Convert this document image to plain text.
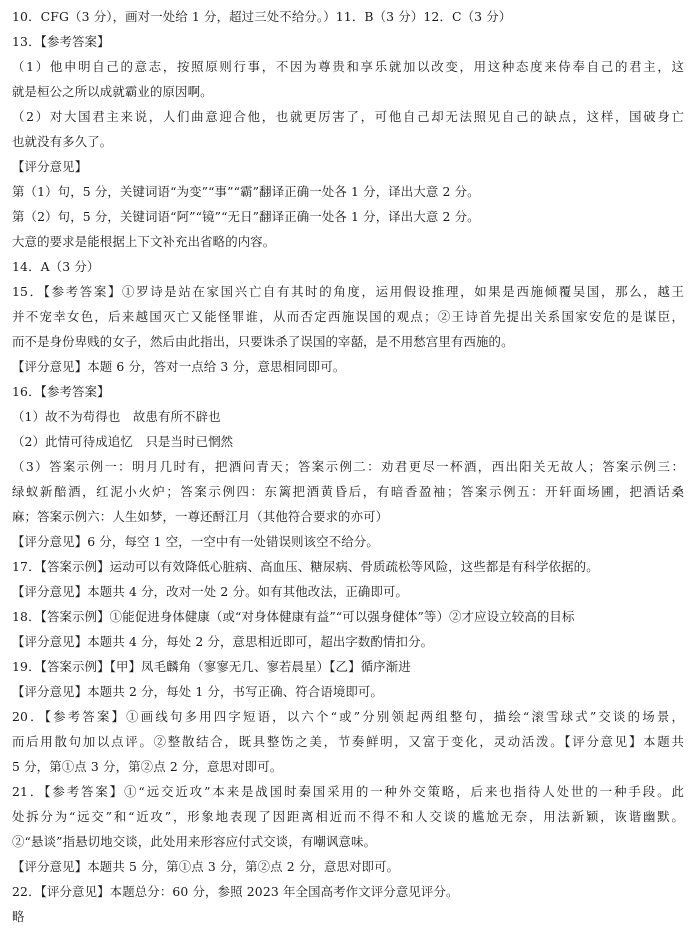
10．CFG（3 分），画对一处给 1 分，超过三处不给分。）11．B（3 分）12．C（3 分）
13．【参考答案】
（1）他申明自己的意志，按照原则行事，不因为尊贵和享乐就加以改变，用这种态度来侍奉自己的君主，这
就是桓公之所以成就霸业的原因啊。
（2）对大国君主来说，人们曲意迎合他，也就更厉害了，可他自己却无法照见自己的缺点，这样，国破身亡
也就没有多久了。
【评分意见】
第（1）句，5 分，关键词语“为变”“事”“霸”翻译正确一处各 1 分，译出大意 2 分。
第（2）句，5 分，关键词语“阿”“镜”“无日”翻译正确一处各 1 分，译出大意 2 分。
大意的要求是能根据上下文补充出省略的内容。
14．A（3 分）
15．【参考答案】①罗诗是站在家国兴亡自有其时的角度，运用假设推理，如果是西施倾覆吴国，那么，越王
并不宠幸女色，后来越国灭亡又能怪罪谁，从而否定西施误国的观点；②王诗首先提出关系国家安危的是谋臣，
而不是身份卑贱的女子，然后由此指出，只要诛杀了误国的宰嚭，是不用愁宫里有西施的。
【评分意见】本题 6 分，答对一点给 3 分，意思相同即可。
16．【参考答案】
（1）故不为苟得也　故患有所不辟也
（2）此情可待成追忆　只是当时已惘然
（3）答案示例一：明月几时有，把酒问青天；答案示例二：劝君更尽一杯酒，西出阳关无故人；答案示例三：
绿蚁新醅酒，红泥小火炉；答案示例四：东篱把酒黄昏后，有暗香盈袖；答案示例五：开轩面场圃，把酒话桑
麻；答案示例六：人生如梦，一尊还酹江月（其他符合要求的亦可）
【评分意见】6 分，每空 1 空，一空中有一处错误则该空不给分。
17．【答案示例】运动可以有效降低心脏病、高血压、糖尿病、骨质疏松等风险，这些都是有科学依据的。
【评分意见】本题共 4 分，改对一处 2 分。如有其他改法，正确即可。
18．【答案示例】①能促进身体健康（或“对身体健康有益”“可以强身健体”等）②才应设立较高的目标
【评分意见】本题共 4 分，每处 2 分，意思相近即可，超出字数酌情扣分。
19．【答案示例】【甲】凤毛麟角（寥寥无几、寥若晨星）【乙】循序渐进
【评分意见】本题共 2 分，每处 1 分，书写正确、符合语境即可。
20．【参考答案】①画线句多用四字短语，以六个“或”分别领起两组整句，描绘“滚雪球式”交谈的场景，
而后用散句加以点评。②整散结合，既具整饬之美，节奏鲜明，又富于变化，灵动活泼。【评分意见】本题共
5 分，第①点 3 分，第②点 2 分，意思对即可。
21．【参考答案】①“远交近攻”本来是战国时秦国采用的一种外交策略，后来也指待人处世的一种手段。此
处拆分为“远交”和“近攻”，形象地表现了因距离相近而不得不和人交谈的尴尬无奈，用法新颖，诙谐幽默。
②“悬谈”指悬切地交谈，此处用来形容应付式交谈，有嘲讽意味。
【评分意见】本题共 5 分，第①点 3 分，第②点 2 分，意思对即可。
22．【评分意见】本题总分：60 分，参照 2023 年全国高考作文评分意见评分。
略
